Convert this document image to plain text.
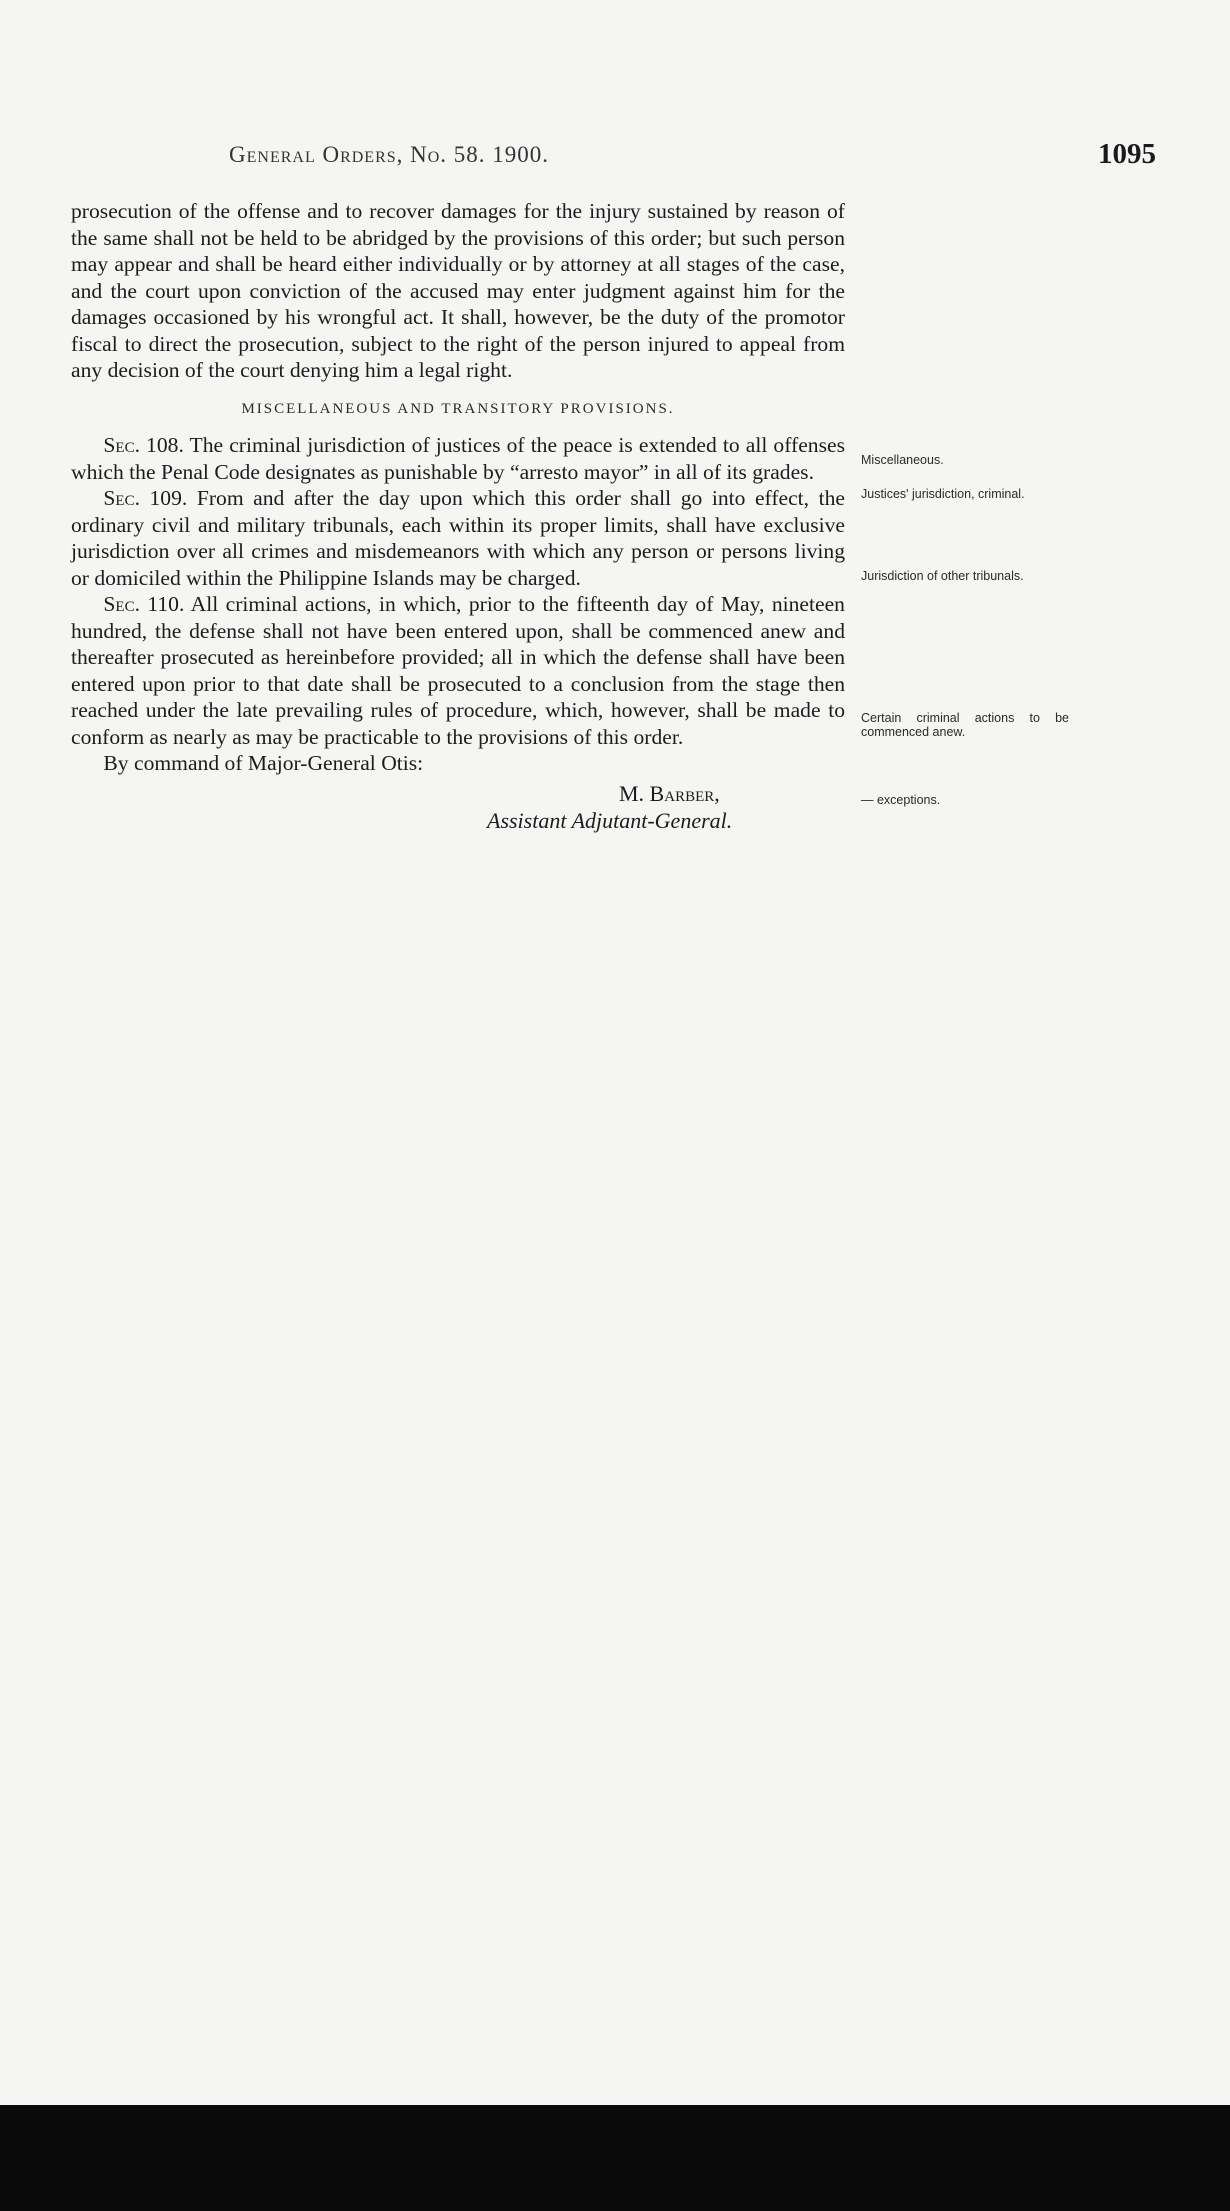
General Orders, No. 58. 1900.	1095

prosecution of the offense and to recover damages for the injury sustained by reason of the same shall not be held to be abridged by the provisions of this order; but such person may appear and shall be heard either individually or by attorney at all stages of the case, and the court upon conviction of the accused may enter judgment against him for the damages occasioned by his wrongful act. It shall, however, be the duty of the promotor fiscal to direct the prosecution, subject to the right of the person injured to appeal from any decision of the court denying him a legal right.

MISCELLANEOUS AND TRANSITORY PROVISIONS.

Sec. 108. The criminal jurisdiction of justices of the peace is extended to all offenses which the Penal Code designates as punishable by “arresto mayor” in all of its grades.

Sec. 109. From and after the day upon which this order shall go into effect, the ordinary civil and military tribunals, each within its proper limits, shall have exclusive jurisdiction over all crimes and misdemeanors with which any person or persons living or domiciled within the Philippine Islands may be charged.

Sec. 110. All criminal actions, in which, prior to the fifteenth day of May, nineteen hundred, the defense shall not have been entered upon, shall be commenced anew and thereafter prosecuted as hereinbefore provided; all in which the defense shall have been entered upon prior to that date shall be prosecuted to a conclusion from the stage then reached under the late prevailing rules of procedure, which, however, shall be made to conform as nearly as may be practicable to the provisions of this order.

By command of Major-General Otis:

M. Barber,
Assistant Adjutant-General.
Miscellaneous.
Justices' jurisdiction, criminal.
Jurisdiction of other tribunals.
Certain criminal actions to be commenced anew.
— exceptions.
